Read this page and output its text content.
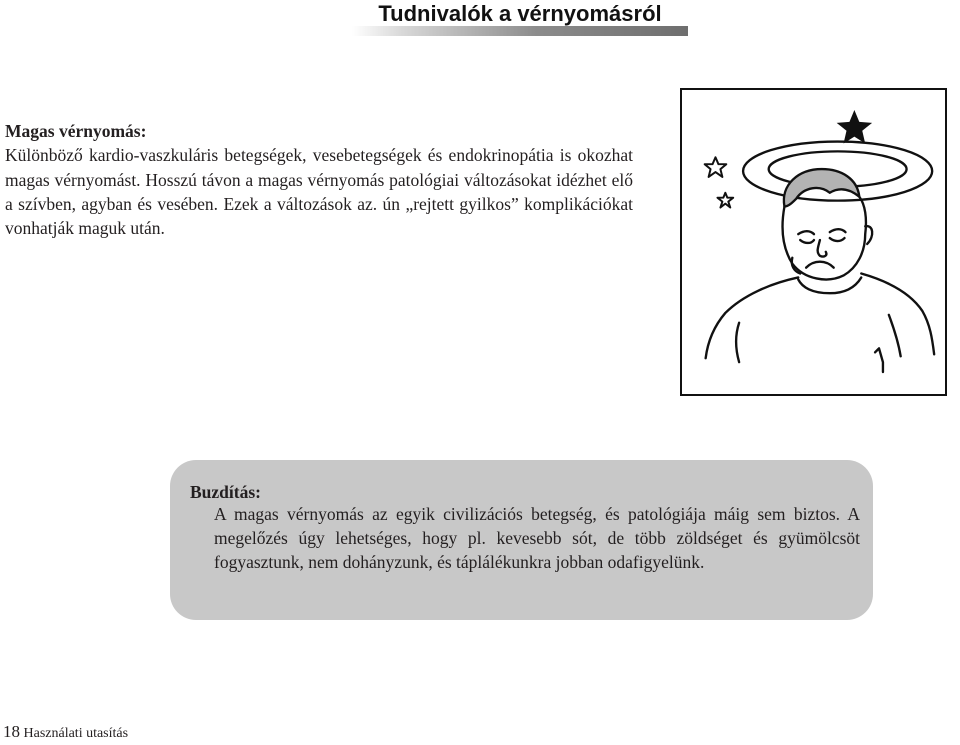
Tudnivalók a vérnyomásról
Magas vérnyomás:

Különböző kardio-vaszkuláris betegségek, vesebetegségek és endokrinopátia is okozhat magas vérnyomást. Hosszú távon a magas vérnyomás patológiai változásokat idézhet elő a szívben, agyban és vesében. Ezek a változások az. ún „rejtett gyilkos” komplikációkat vonhatják maguk után.

Buzdítás:
A magas vérnyomás az egyik civilizációs betegség, és patológiája máig sem biztos. A megelőzés úgy lehetséges, hogy pl. kevesebb sót, de több zöldséget és gyümölcsöt fogyasztunk, nem dohányzunk, és táplálékunkra jobban odafigyelünk.
18 Használati utasítás
